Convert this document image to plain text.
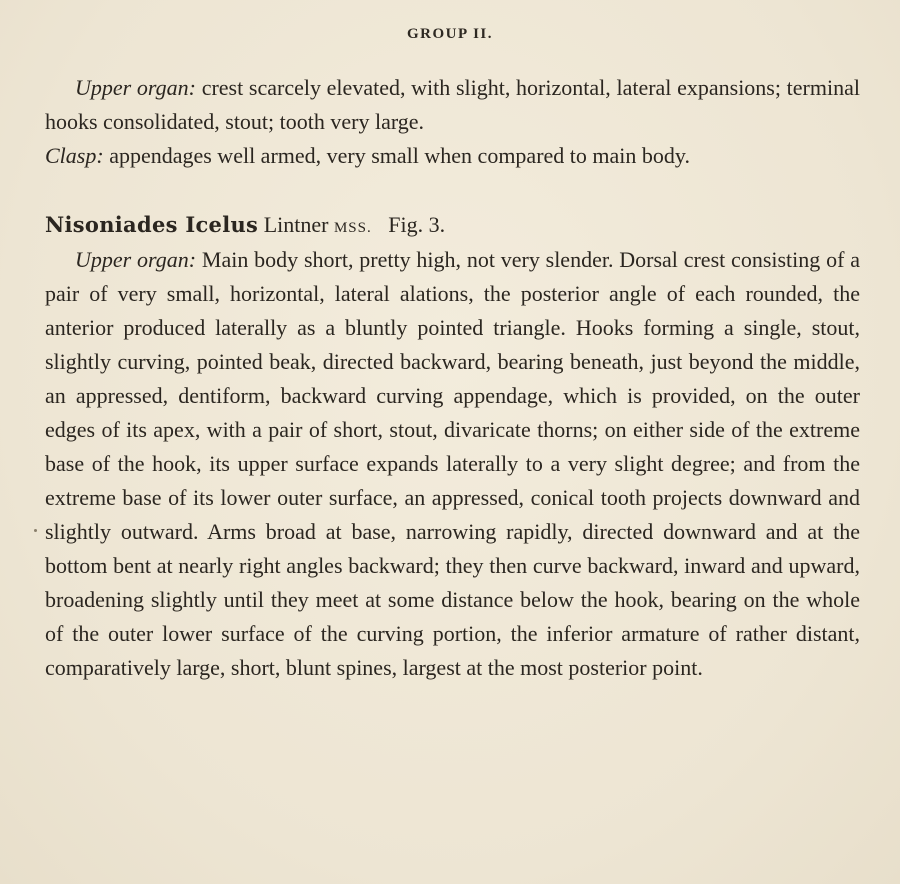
GROUP II.
Upper organ: crest scarcely elevated, with slight, horizontal, lateral expansions; terminal hooks consolidated, stout; tooth very large.
Clasp: appendages well armed, very small when compared to main body.
Nisoniades Icelus Lintner MSS. Fig. 3.
Upper organ: Main body short, pretty high, not very slender. Dorsal crest consisting of a pair of very small, horizontal, lateral alations, the posterior angle of each rounded, the anterior produced laterally as a bluntly pointed triangle. Hooks forming a single, stout, slightly curving, pointed beak, directed backward, bearing beneath, just beyond the middle, an appressed, dentiform, backward curving appendage, which is provided, on the outer edges of its apex, with a pair of short, stout, divaricate thorns; on either side of the extreme base of the hook, its upper surface expands laterally to a very slight degree; and from the extreme base of its lower outer surface, an appressed, conical tooth projects downward and slightly outward. Arms broad at base, narrowing rapidly, directed downward and at the bottom bent at nearly right angles backward; they then curve backward, inward and upward, broadening slightly until they meet at some distance below the hook, bearing on the whole of the outer lower surface of the curving portion, the inferior armature of rather distant, comparatively large, short, blunt spines, largest at the most posterior point.
